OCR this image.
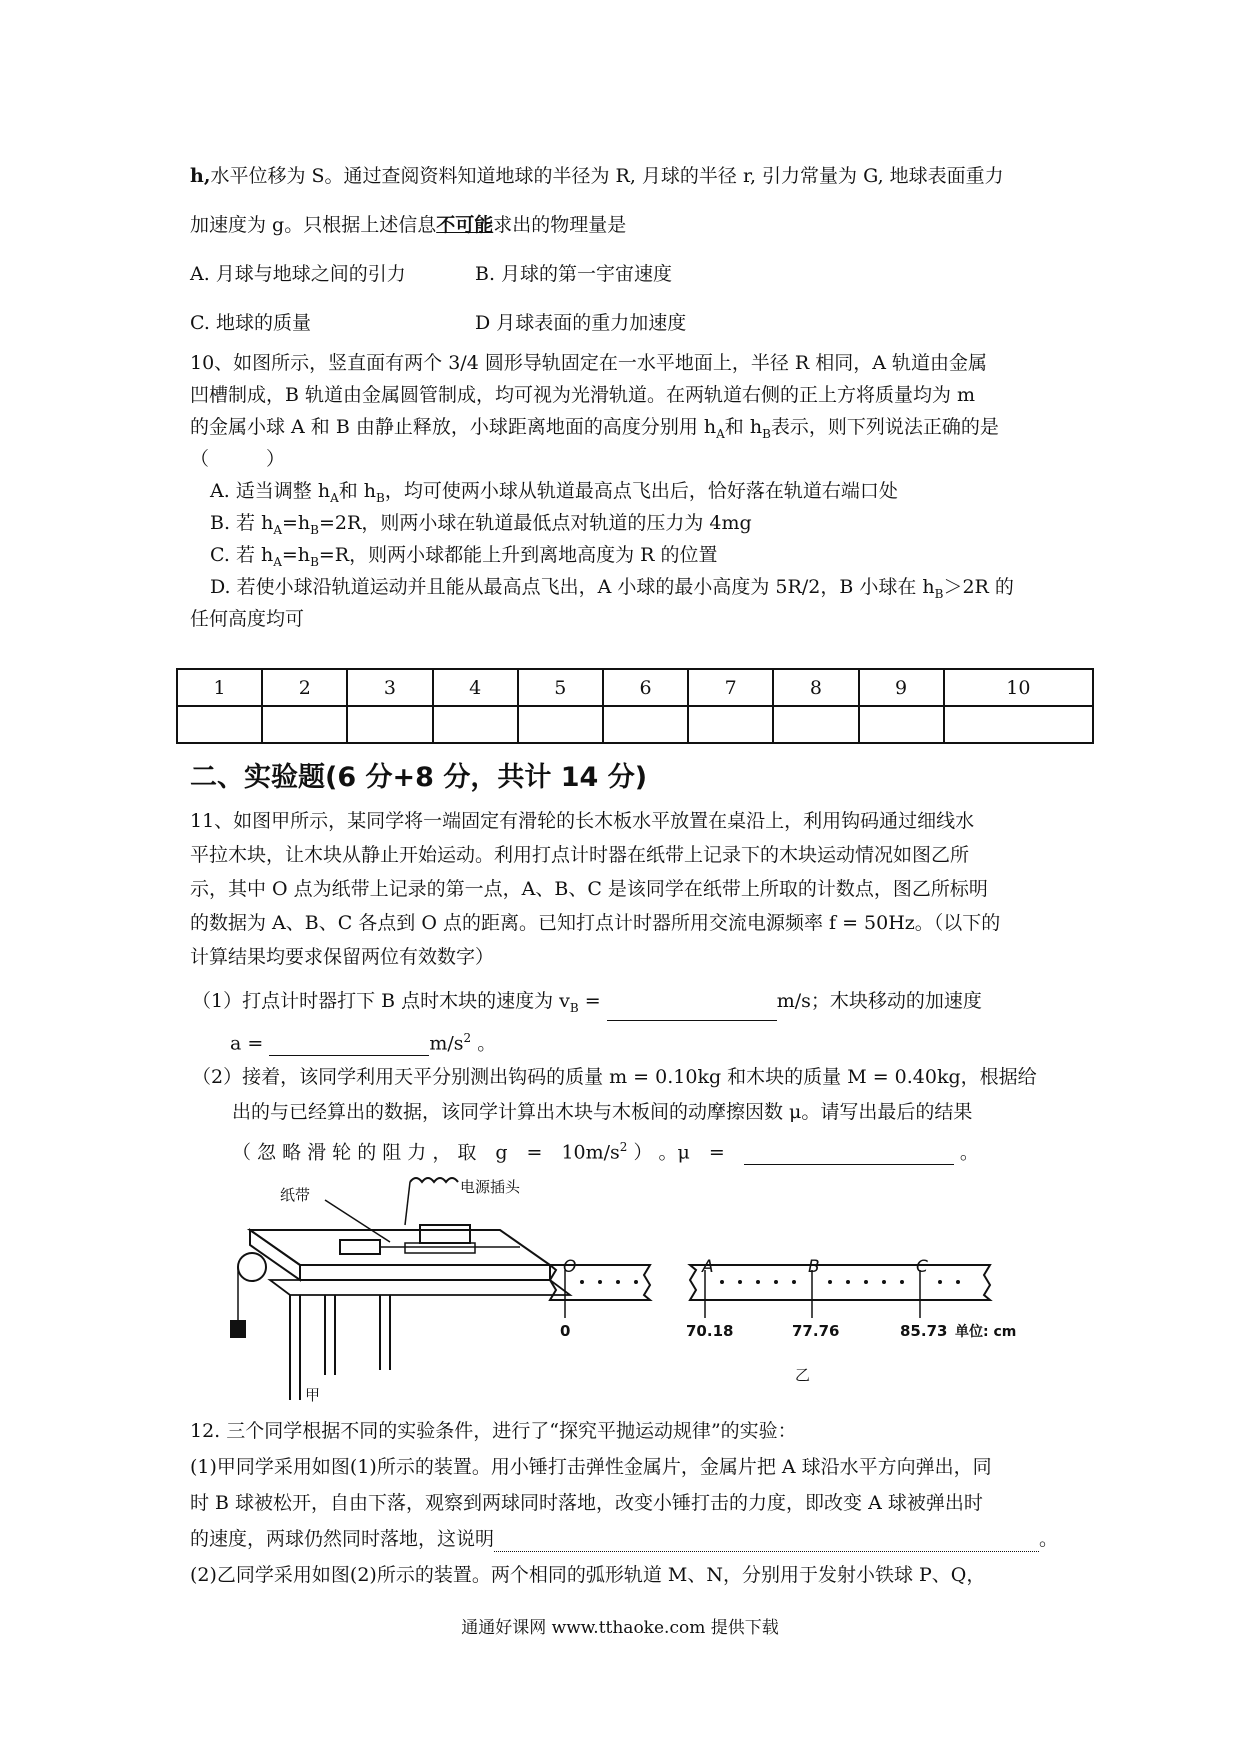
h,水平位移为 S。通过查阅资料知道地球的半径为 R, 月球的半径 r, 引力常量为 G, 地球表面重力
加速度为 g。只根据上述信息不可能求出的物理量是
A. 月球与地球之间的引力	B. 月球的第一宇宙速度
C. 地球的质量	D 月球表面的重力加速度
10、如图所示，竖直面有两个 3/4 圆形导轨固定在一水平地面上，半径 R 相同，A 轨道由金属
凹槽制成，B 轨道由金属圆管制成，均可视为光滑轨道。在两轨道右侧的正上方将质量均为 m
的金属小球 A 和 B 由静止释放，小球距离地面的高度分别用 $h_A$和 $h_B$表示，则下列说法正确的是
（　　　）
A. 适当调整 $h_A$和 $h_B$，均可使两小球从轨道最高点飞出后，恰好落在轨道右端口处
B. 若 $h_A=h_B=2R$，则两小球在轨道最低点对轨道的压力为 4mg
C. 若 $h_A=h_B=R$，则两小球都能上升到离地高度为 R 的位置
D. 若使小球沿轨道运动并且能从最高点飞出，A 小球的最小高度为 5R/2，B 小球在 $h_B>2R$ 的
任何高度均可
1	2	3	4	5	6	7	8	9	10

二、实验题(6 分+8 分，共计 14 分)
11、如图甲所示，某同学将一端固定有滑轮的长木板水平放置在桌沿上，利用钩码通过细线水
平拉木块，让木块从静止开始运动。利用打点计时器在纸带上记录下的木块运动情况如图乙所
示，其中 O 点为纸带上记录的第一点，A、B、C 是该同学在纸带上所取的计数点，图乙所标明
的数据为 A、B、C 各点到 O 点的距离。已知打点计时器所用交流电源频率 f = 50Hz。（以下的
计算结果均要求保留两位有效数字）
（1）打点计时器打下 B 点时木块的速度为 $v_B$ =	m/s；木块移动的加速度
a =	$m/s^2$ 。
（2）接着，该同学利用天平分别测出钩码的质量 m = 0.10kg 和木块的质量 M = 0.40kg，根据给
出的与已经算出的数据，该同学计算出木块与木板间的动摩擦因数 μ。请写出最后的结果
（ 忽 略 滑 轮 的 阻 力 ， 取　g　=　$10m/s^2$ ） 。μ　=　	。
纸带	电源插头
甲
O	A	B	C
0	70.18	77.76	85.73 单位: cm
乙
12. 三个同学根据不同的实验条件，进行了“探究平抛运动规律”的实验：
(1)甲同学采用如图(1)所示的装置。用小锤打击弹性金属片，金属片把 A 球沿水平方向弹出，同
时 B 球被松开，自由下落，观察到两球同时落地，改变小锤打击的力度，即改变 A 球被弹出时
的速度，两球仍然同时落地，这说明	。
(2)乙同学采用如图(2)所示的装置。两个相同的弧形轨道 M、N，分别用于发射小铁球 P、Q，
通通好课网 www.tthaoke.com 提供下载
